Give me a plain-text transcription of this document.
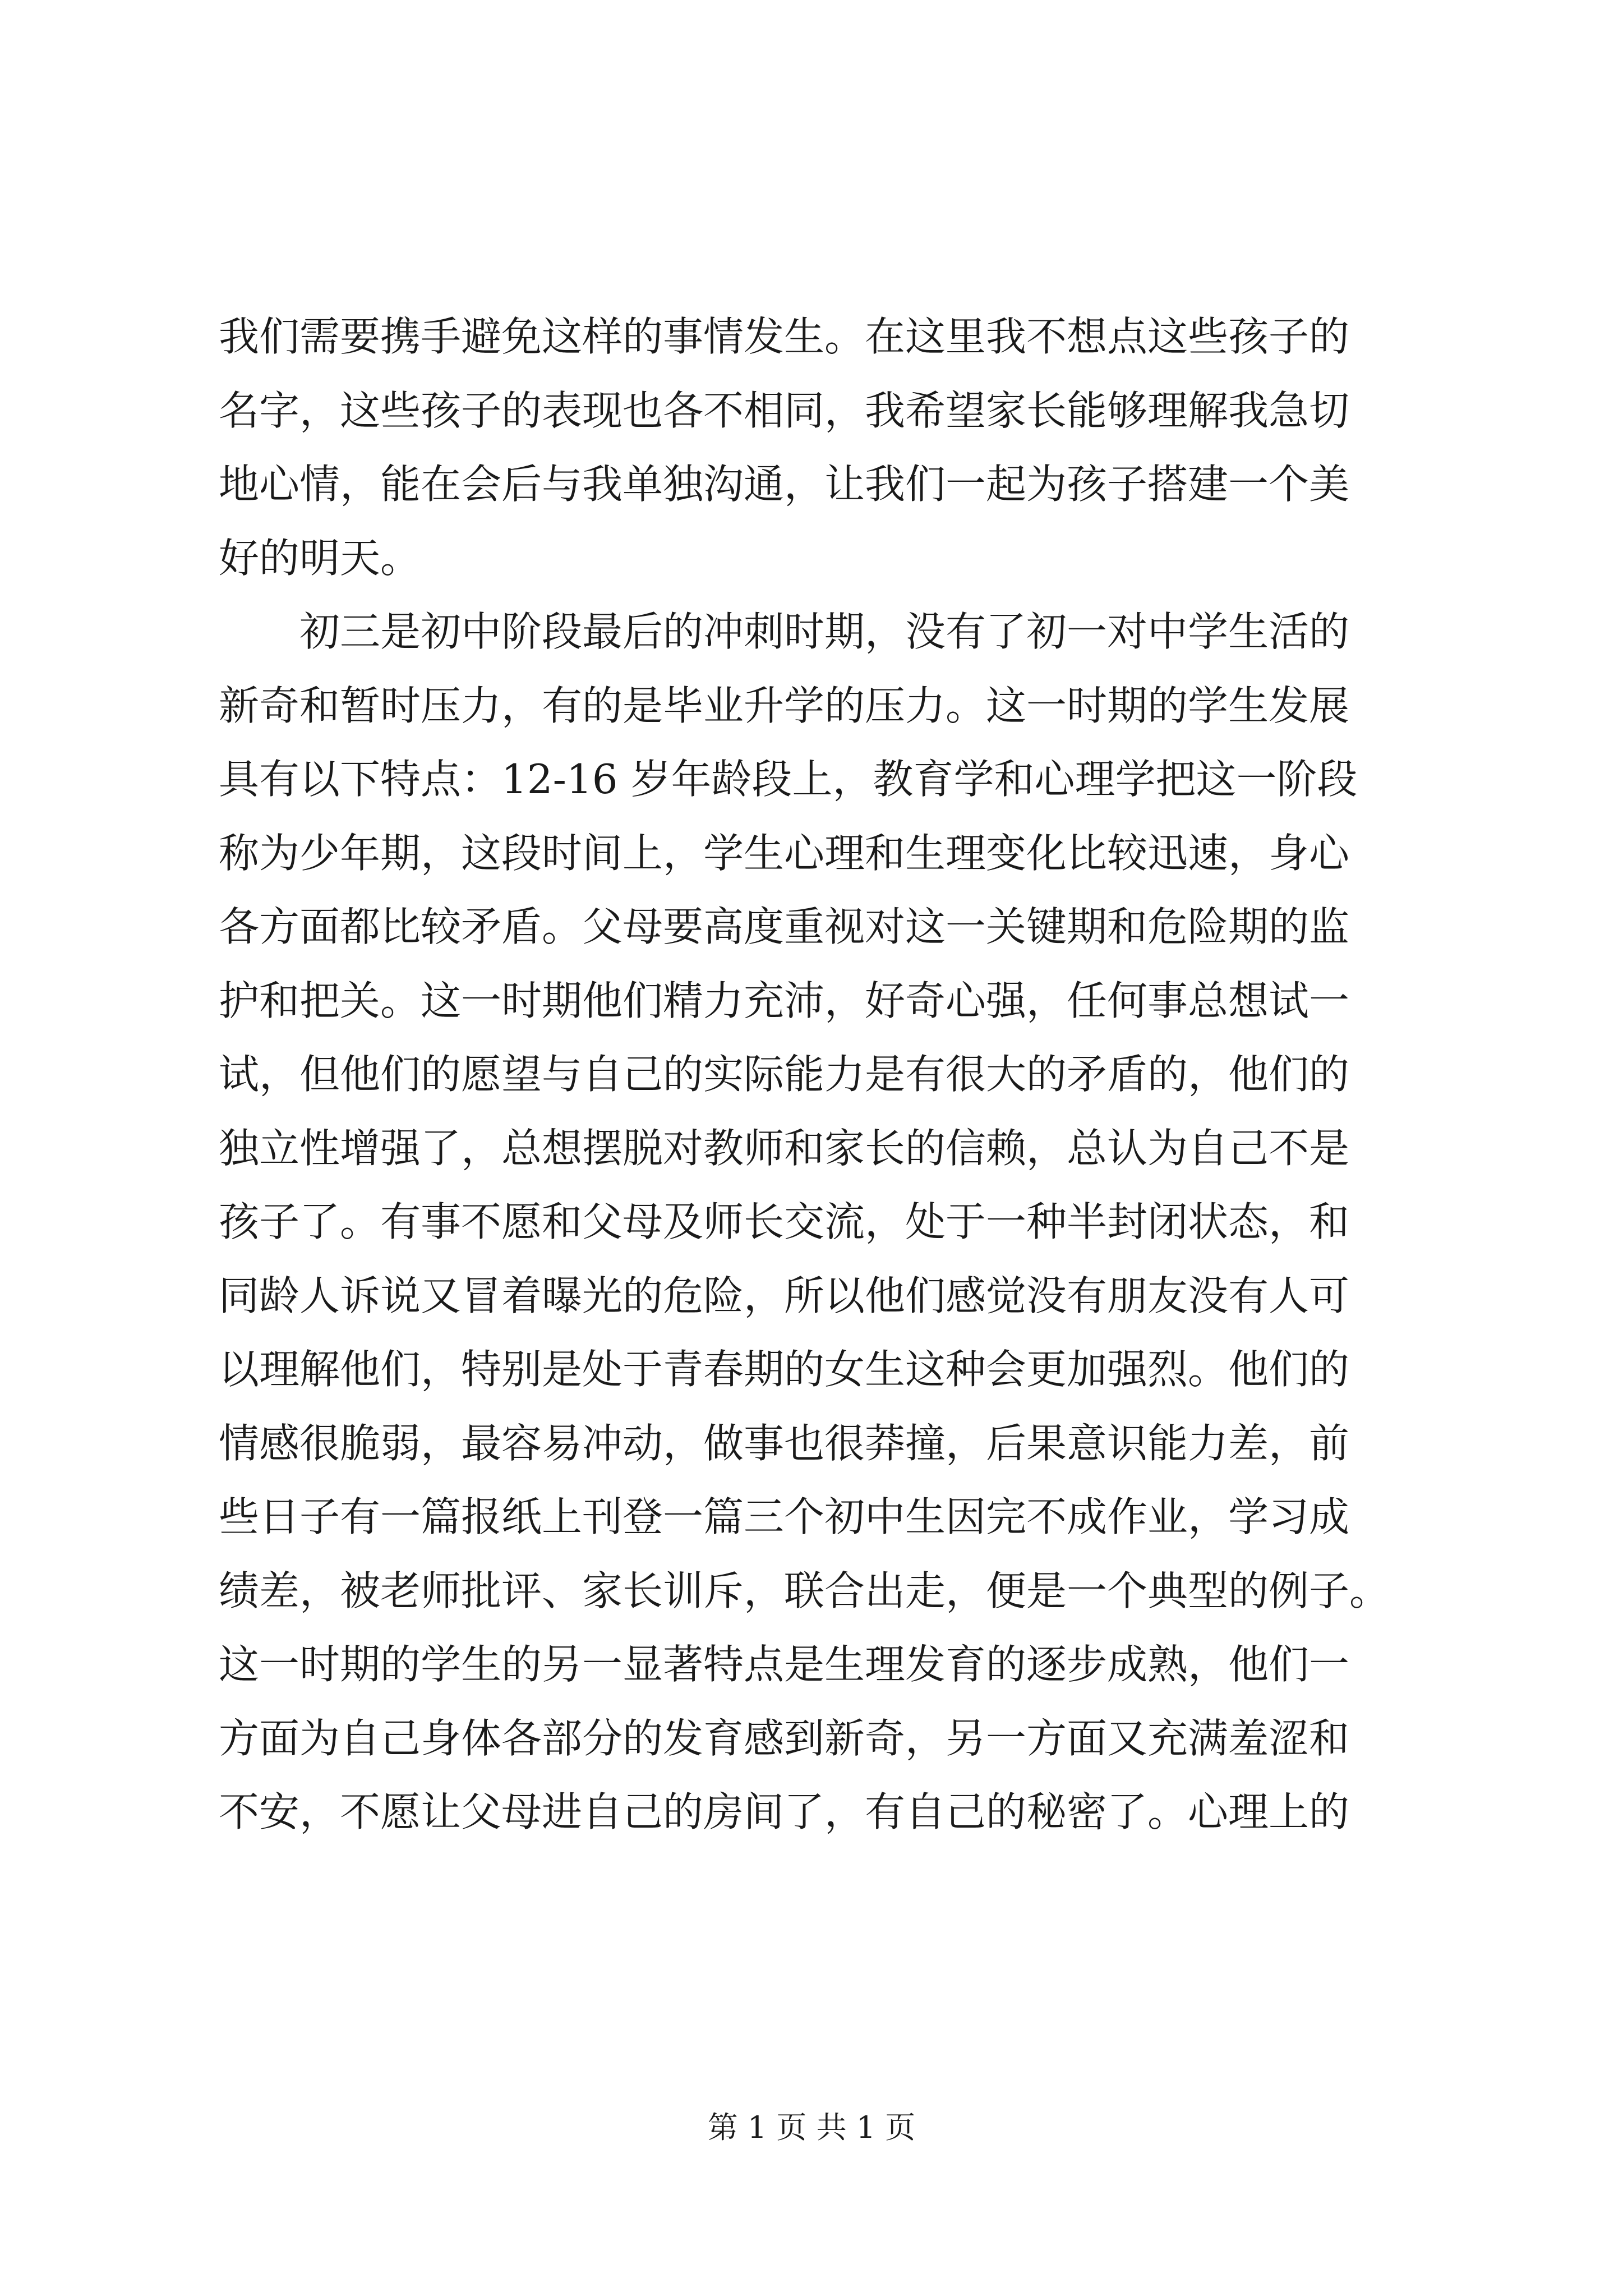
我们需要携手避免这样的事情发生。在这里我不想点这些孩子的
名字，这些孩子的表现也各不相同，我希望家长能够理解我急切
地心情，能在会后与我单独沟通，让我们一起为孩子搭建一个美
好的明天。
初三是初中阶段最后的冲刺时期，没有了初一对中学生活的
新奇和暂时压力，有的是毕业升学的压力。这一时期的学生发展
具有以下特点：12-16 岁年龄段上，教育学和心理学把这一阶段
称为少年期，这段时间上，学生心理和生理变化比较迅速，身心
各方面都比较矛盾。父母要高度重视对这一关键期和危险期的监
护和把关。这一时期他们精力充沛，好奇心强，任何事总想试一
试，但他们的愿望与自己的实际能力是有很大的矛盾的，他们的
独立性增强了，总想摆脱对教师和家长的信赖，总认为自己不是
孩子了。有事不愿和父母及师长交流，处于一种半封闭状态，和
同龄人诉说又冒着曝光的危险，所以他们感觉没有朋友没有人可
以理解他们，特别是处于青春期的女生这种会更加强烈。他们的
情感很脆弱，最容易冲动，做事也很莽撞，后果意识能力差，前
些日子有一篇报纸上刊登一篇三个初中生因完不成作业，学习成
绩差，被老师批评、家长训斥，联合出走，便是一个典型的例子。
这一时期的学生的另一显著特点是生理发育的逐步成熟，他们一
方面为自己身体各部分的发育感到新奇，另一方面又充满羞涩和
不安，不愿让父母进自己的房间了，有自己的秘密了。心理上的
第 1 页 共 1 页
